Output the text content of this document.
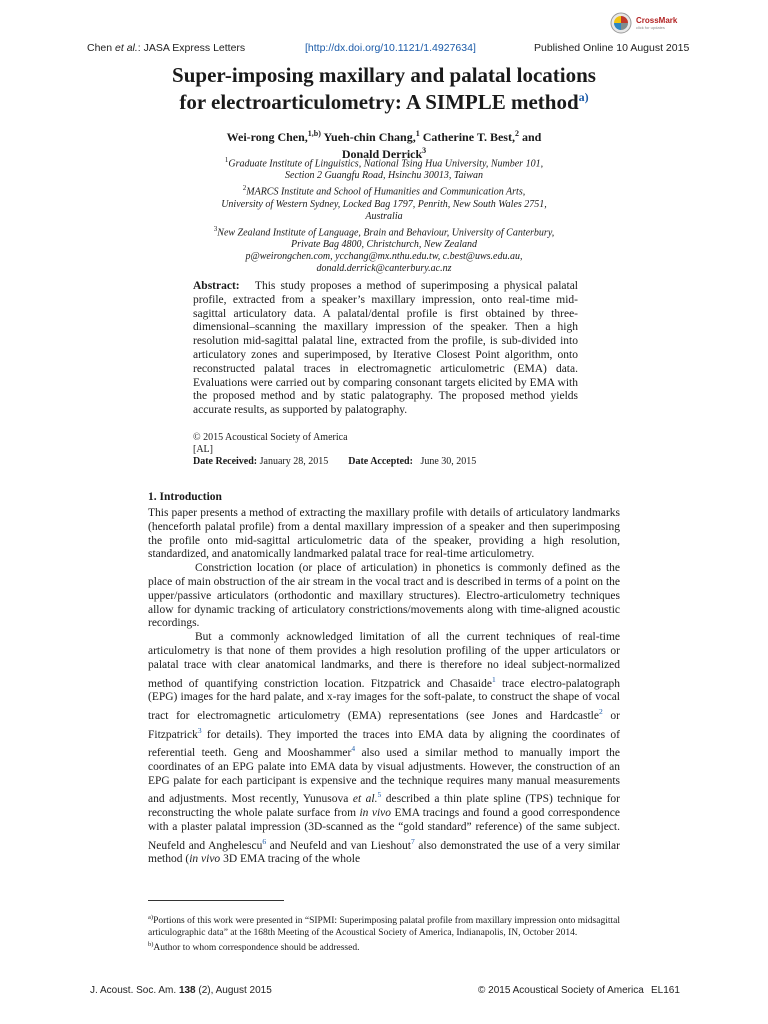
CrossMark
click for updates
Chen et al.: JASA Express Letters	[http://dx.doi.org/10.1121/1.4927634]	Published Online 10 August 2015
Super-imposing maxillary and palatal locations
for electroarticulometry: A SIMPLE method$^{a)}$
Wei-rong Chen,$^{1,b)}$ Yueh-chin Chang,$^1$ Catherine T. Best,$^2$ and
Donald Derrick$^3$

$^1$Graduate Institute of Linguistics, National Tsing Hua University, Number 101,

Section 2 Guangfu Road, Hsinchu 30013, Taiwan

$^2$MARCS Institute and School of Humanities and Communication Arts,

University of Western Sydney, Locked Bag 1797, Penrith, New South Wales 2751,

Australia

$^3$New Zealand Institute of Language, Brain and Behaviour, University of Canterbury,

Private Bag 4800, Christchurch, New Zealand

p@weirongchen.com, ycchang@mx.nthu.edu.tw, c.best@uws.edu.au,

donald.derrick@canterbury.ac.nz

Abstract: This study proposes a method of superimposing a physical palatal profile, extracted from a speaker’s maxillary impression, onto real-time mid-sagittal articulatory data. A palatal/dental profile is first obtained by three-dimensional–scanning the maxillary impression of the speaker. Then a high resolution mid-sagittal palatal line, extracted from the profile, is sub-divided into articulatory zones and superimposed, by Iterative Closest Point algorithm, onto reconstructed palatal traces in electromagnetic articulometric (EMA) data. Evaluations were carried out by comparing consonant targets elicited by EMA with the proposed method and by static palatography. The proposed method yields accurate results, as supported by palatography.

© 2015 Acoustical Society of America

[AL]

Date Received: January 28, 2015 Date Accepted: June 30, 2015

1. Introduction

This paper presents a method of extracting the maxillary profile with details of articulatory landmarks (henceforth palatal profile) from a dental maxillary impression of a speaker and then superimposing the profile onto mid-sagittal articulometric data of the speaker, providing a high resolution, standardized, and anatomically landmarked palatal trace for real-time articulometry.

Constriction location (or place of articulation) in phonetics is commonly defined as the place of main obstruction of the air stream in the vocal tract and is described in terms of a point on the upper/passive articulators (orthodontic and maxillary structures). Electro-articulometry techniques allow for dynamic tracking of articulatory constrictions/movements along with time-aligned acoustic recordings.

But a commonly acknowledged limitation of all the current techniques of real-time articulometry is that none of them provides a high resolution profiling of the upper articulators or palatal trace with clear anatomical landmarks, and there is therefore no ideal subject-normalized method of quantifying constriction location. Fitzpatrick and Chasaide$^1$ trace electro-palatograph (EPG) images for the hard palate, and x-ray images for the soft-palate, to construct the shape of vocal tract for electromagnetic articulometry (EMA) representations (see Jones and Hardcastle$^2$ or Fitzpatrick$^3$ for details). They imported the traces into EMA data by aligning the coordinates of referential teeth. Geng and Mooshammer$^4$ also used a similar method to manually import the coordinates of an EPG palate into EMA data by visual adjustments. However, the construction of an EPG palate for each participant is expensive and the technique requires many manual measurements and adjustments. Most recently, Yunusova et al.$^5$ described a thin plate spline (TPS) technique for reconstructing the whole palate surface from in vivo EMA tracings and found a good correspondence with a plaster palatal impression (3D-scanned as the “gold standard” reference) of the same subject. Neufeld and Anghelescu$^6$ and Neufeld and van Lieshout$^7$ also demonstrated the use of a very similar method (in vivo 3D EMA tracing of the whole

$^{a)}$Portions of this work were presented in “SIPMI: Superimposing palatal profile from maxillary impression onto midsagittal articulographic data” at the 168th Meeting of the Acoustical Society of America, Indianapolis, IN, October 2014.

$^{b)}$Author to whom correspondence should be addressed.

J. Acoust. Soc. Am. 138 (2), August 2015	© 2015 Acoustical Society of America EL161
